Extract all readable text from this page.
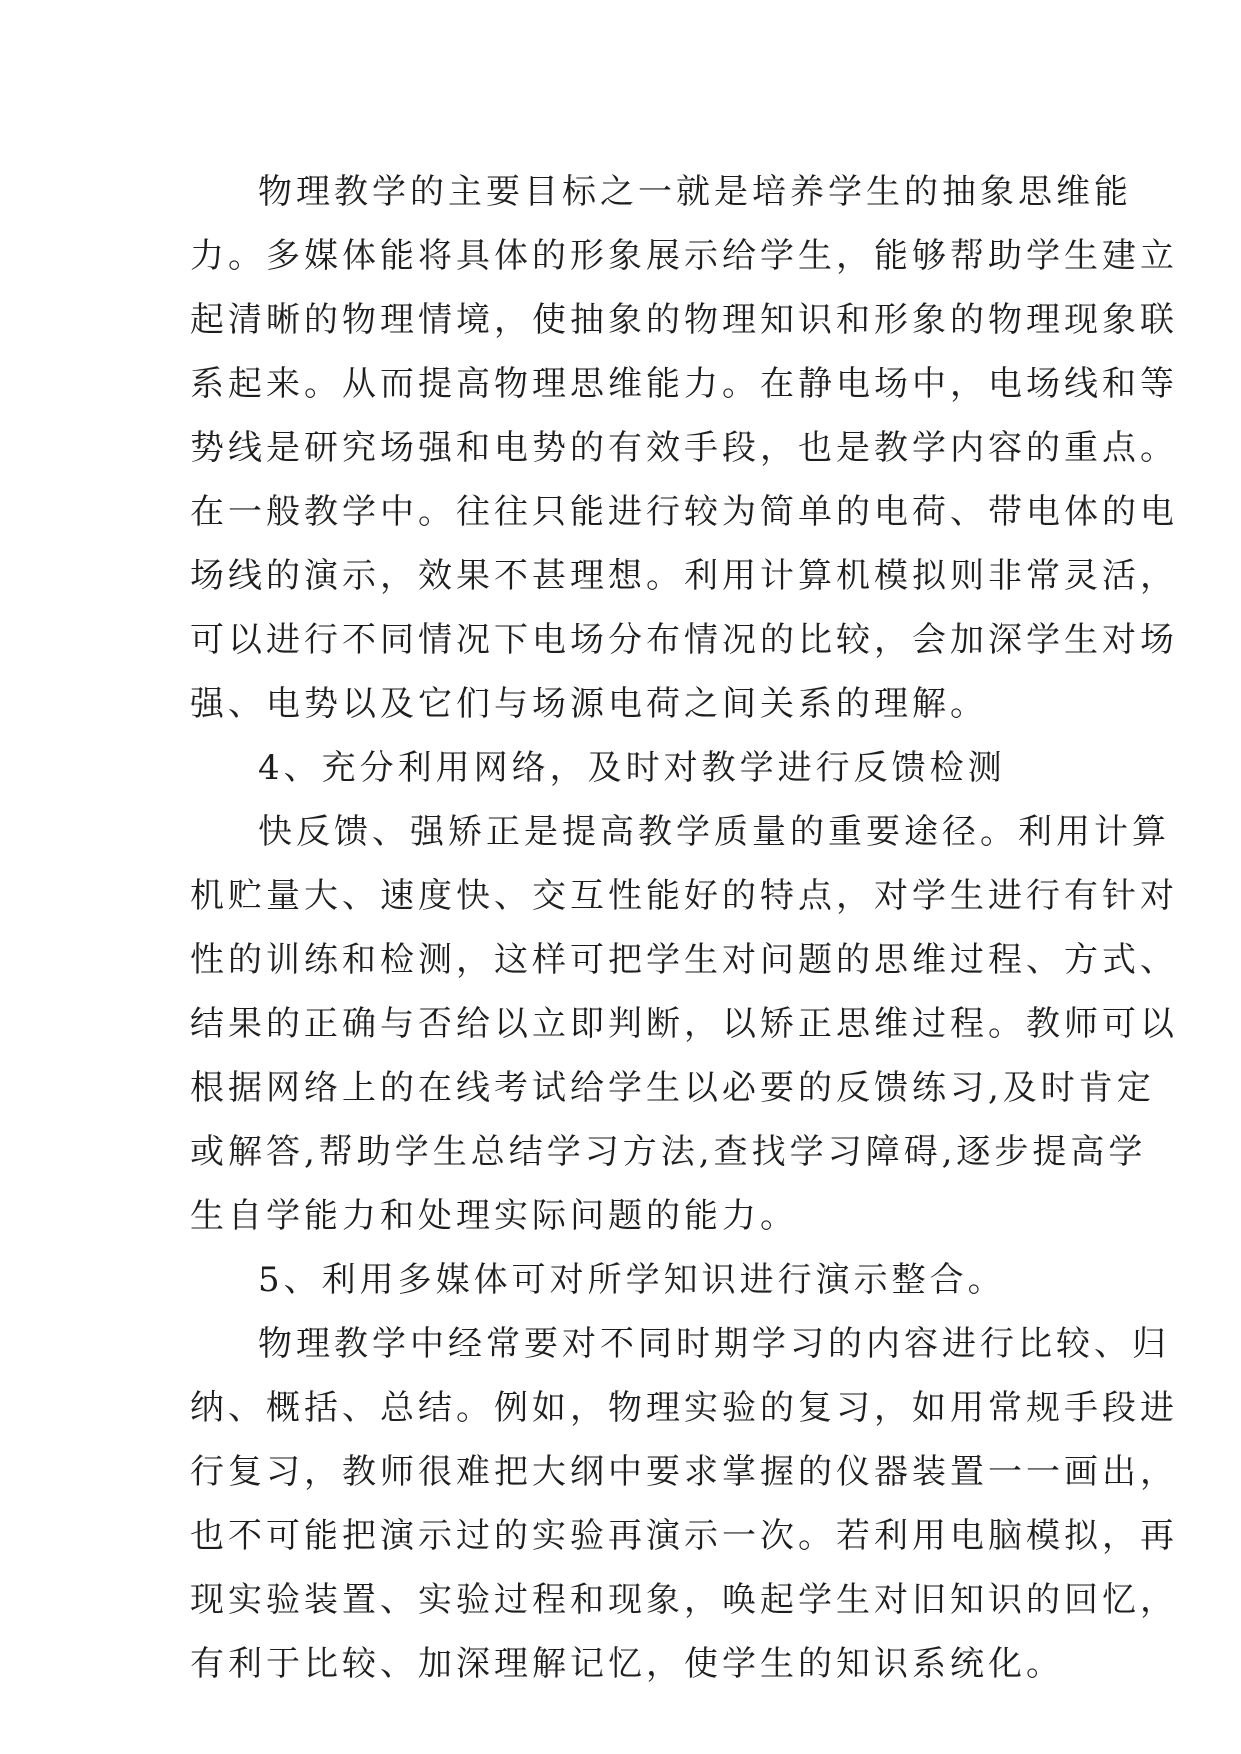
物理教学的主要目标之一就是培养学生的抽象思维能
力。多媒体能将具体的形象展示给学生，能够帮助学生建立
起清晰的物理情境，使抽象的物理知识和形象的物理现象联
系起来。从而提高物理思维能力。在静电场中，电场线和等
势线是研究场强和电势的有效手段，也是教学内容的重点。
在一般教学中。往往只能进行较为简单的电荷、带电体的电
场线的演示，效果不甚理想。利用计算机模拟则非常灵活，
可以进行不同情况下电场分布情况的比较，会加深学生对场
强、电势以及它们与场源电荷之间关系的理解。
4、充分利用网络，及时对教学进行反馈检测
快反馈、强矫正是提高教学质量的重要途径。利用计算
机贮量大、速度快、交互性能好的特点，对学生进行有针对
性的训练和检测，这样可把学生对问题的思维过程、方式、
结果的正确与否给以立即判断，以矫正思维过程。教师可以
根据网络上的在线考试给学生以必要的反馈练习,及时肯定
或解答,帮助学生总结学习方法,查找学习障碍,逐步提高学
生自学能力和处理实际问题的能力。
5、利用多媒体可对所学知识进行演示整合。
物理教学中经常要对不同时期学习的内容进行比较、归
纳、概括、总结。例如，物理实验的复习，如用常规手段进
行复习，教师很难把大纲中要求掌握的仪器装置一一画出，
也不可能把演示过的实验再演示一次。若利用电脑模拟，再
现实验装置、实验过程和现象，唤起学生对旧知识的回忆，
有利于比较、加深理解记忆，使学生的知识系统化。
